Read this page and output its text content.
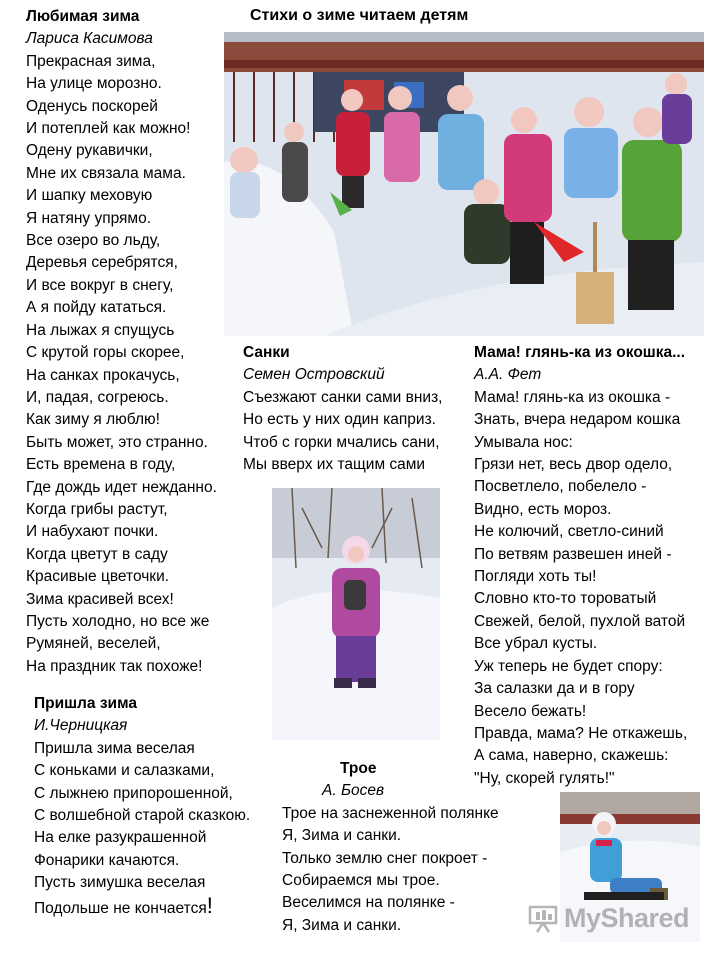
Стихи о зиме читаем детям
Любимая зима
Лариса Касимова
Прекрасная зима,
На улице морозно.
Оденусь поскорей
И потеплей как можно!
Одену рукавички,
Мне их связала мама.
И шапку меховую
Я натяну упрямо.
Все озеро во льду,
Деревья серебрятся,
И все вокруг в снегу,
А я пойду кататься.
На лыжах я спущусь
С крутой горы скорее,
На санках прокачусь,
И, падая, согреюсь.
Как зиму я люблю!
Быть может, это странно.
Есть времена в году,
Где дождь идет нежданно.
Когда грибы растут,
И набухают почки.
Когда цветут в саду
Красивые цветочки.
Зима красивей всех!
Пусть холодно, но все же
Румяней, веселей,
На праздник так похоже!
Санки
Семен Островский
Съезжают санки сами вниз,
Но есть у них один каприз.
Чтоб с горки мчались сани,
Мы вверх их тащим сами
Мама! глянь-ка из окошка...
А.А. Фет
Мама! глянь-ка из окошка -
Знать, вчера недаром кошка
Умывала нос:
Грязи нет, весь двор одело,
Посветлело, побелело -
Видно, есть мороз.
Не колючий, светло-синий
По ветвям развешен иней -
Погляди хоть ты!
Словно кто-то тороватый
Свежей, белой, пухлой ватой
Все убрал кусты.
Уж теперь не будет спору:
За салазки да и в гору
Весело бежать!
Правда, мама? Не откажешь,
А сама, наверно, скажешь:
"Ну, скорей гулять!"
Пришла зима
И.Черницкая
Пришла зима веселая
С коньками и салазками,
С лыжнею припорошенной,
С волшебной старой сказкою.
На елке разукрашенной
Фонарики качаются.
Пусть зимушка веселая
Подольше не кончается!
Трое
А. Босев
Трое на заснеженной полянке
Я, Зима и санки.
Только землю снег покроет -
Собираемся мы трое.
Веселимся на полянке -
Я, Зима и санки.	MyShared
